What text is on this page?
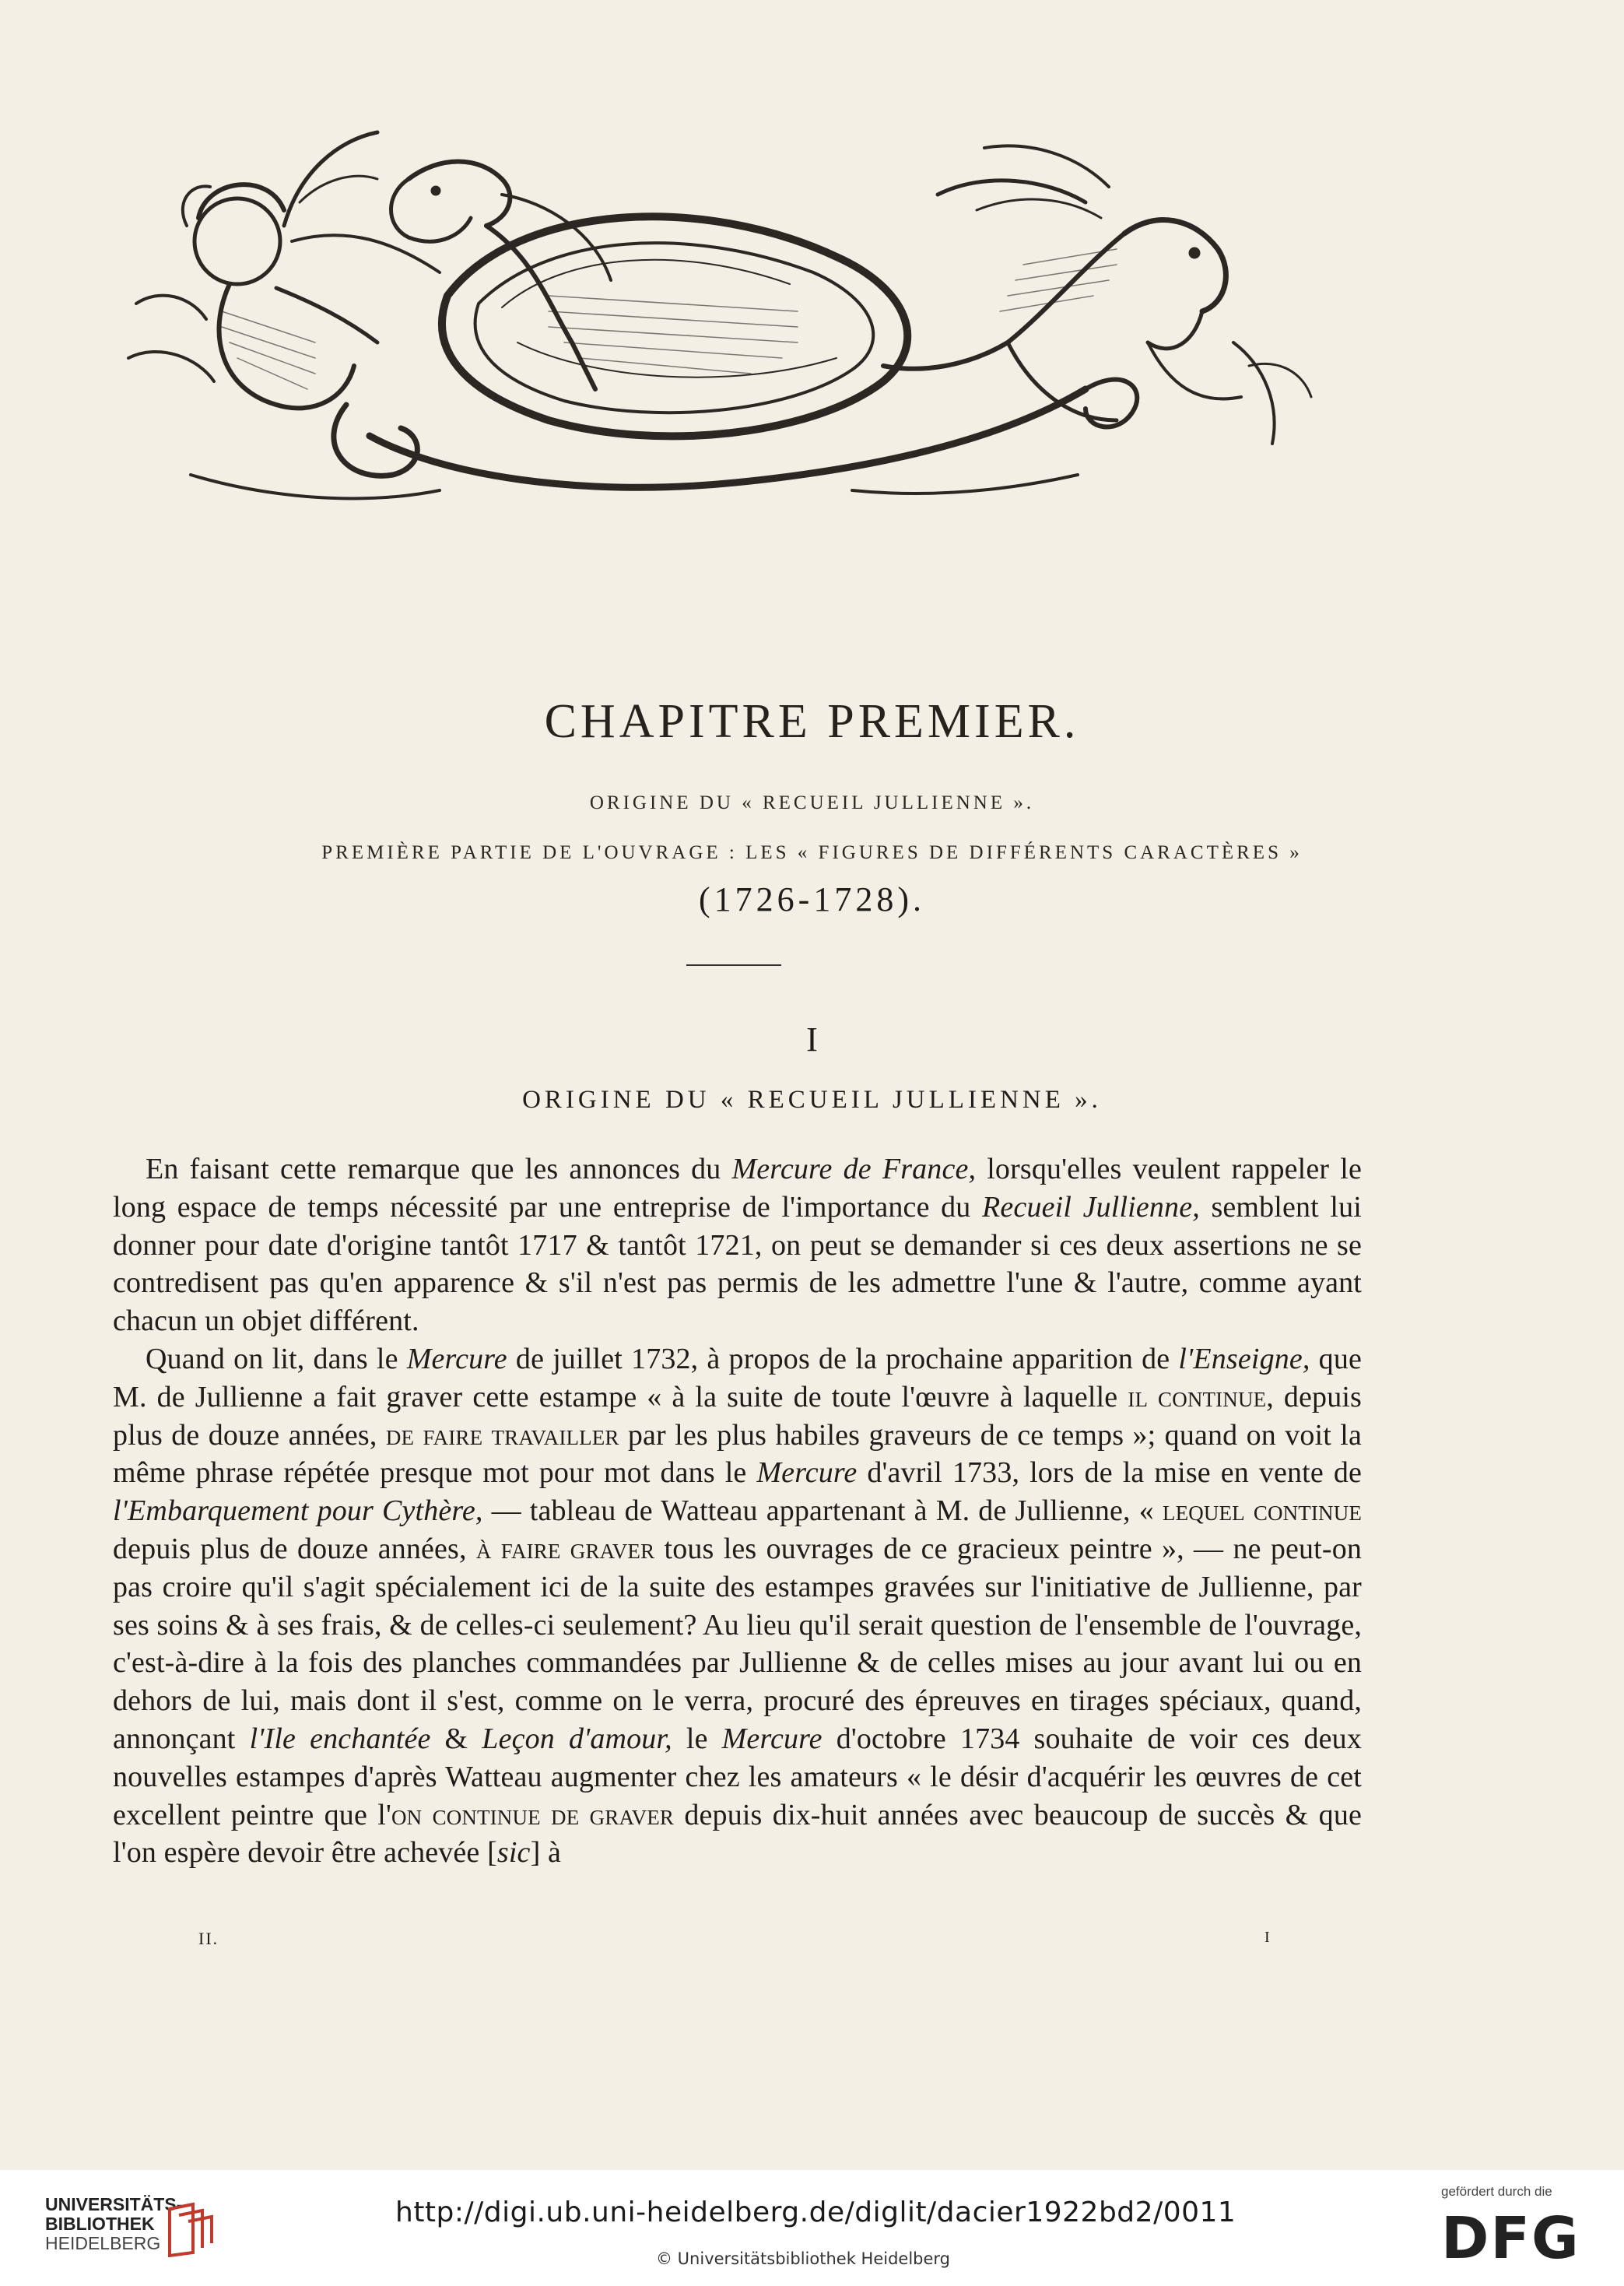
CHAPITRE PREMIER.

ORIGINE DU « RECUEIL JULLIENNE ».

PREMIÈRE PARTIE DE L'OUVRAGE : LES « FIGURES DE DIFFÉRENTS CARACTÈRES »

(1726-1728).

I

ORIGINE DU « RECUEIL JULLIENNE ».

En faisant cette remarque que les annonces du Mercure de France, lorsqu'elles veulent rappeler le long espace de temps nécessité par une entreprise de l'importance du Recueil Jullienne, semblent lui donner pour date d'origine tantôt 1717 & tantôt 1721, on peut se demander si ces deux assertions ne se contredisent pas qu'en apparence & s'il n'est pas permis de les admettre l'une & l'autre, comme ayant chacun un objet différent.

Quand on lit, dans le Mercure de juillet 1732, à propos de la prochaine apparition de l'Enseigne, que M. de Jullienne a fait graver cette estampe « à la suite de toute l'œuvre à laquelle il continue, depuis plus de douze années, de faire travailler par les plus habiles graveurs de ce temps »; quand on voit la même phrase répétée presque mot pour mot dans le Mercure d'avril 1733, lors de la mise en vente de l'Embarquement pour Cythère, — tableau de Watteau appartenant à M. de Jullienne, « lequel continue depuis plus de douze années, à faire graver tous les ouvrages de ce gracieux peintre », — ne peut-on pas croire qu'il s'agit spécialement ici de la suite des estampes gravées sur l'initiative de Jullienne, par ses soins & à ses frais, & de celles-ci seulement? Au lieu qu'il serait question de l'ensemble de l'ouvrage, c'est-à-dire à la fois des planches commandées par Jullienne & de celles mises au jour avant lui ou en dehors de lui, mais dont il s'est, comme on le verra, procuré des épreuves en tirages spéciaux, quand, annonçant l'Ile enchantée & Leçon d'amour, le Mercure d'octobre 1734 souhaite de voir ces deux nouvelles estampes d'après Watteau augmenter chez les amateurs « le désir d'acquérir les œuvres de cet excellent peintre que l'on continue de graver depuis dix-huit années avec beaucoup de succès & que l'on espère devoir être achevée [sic] à

II.	I
UNIVERSITÄTS-
BIBLIOTHEK
HEIDELBERG
http://digi.ub.uni-heidelberg.de/diglit/dacier1922bd2/0011
© Universitätsbibliothek Heidelberg
gefördert durch die
DFG
